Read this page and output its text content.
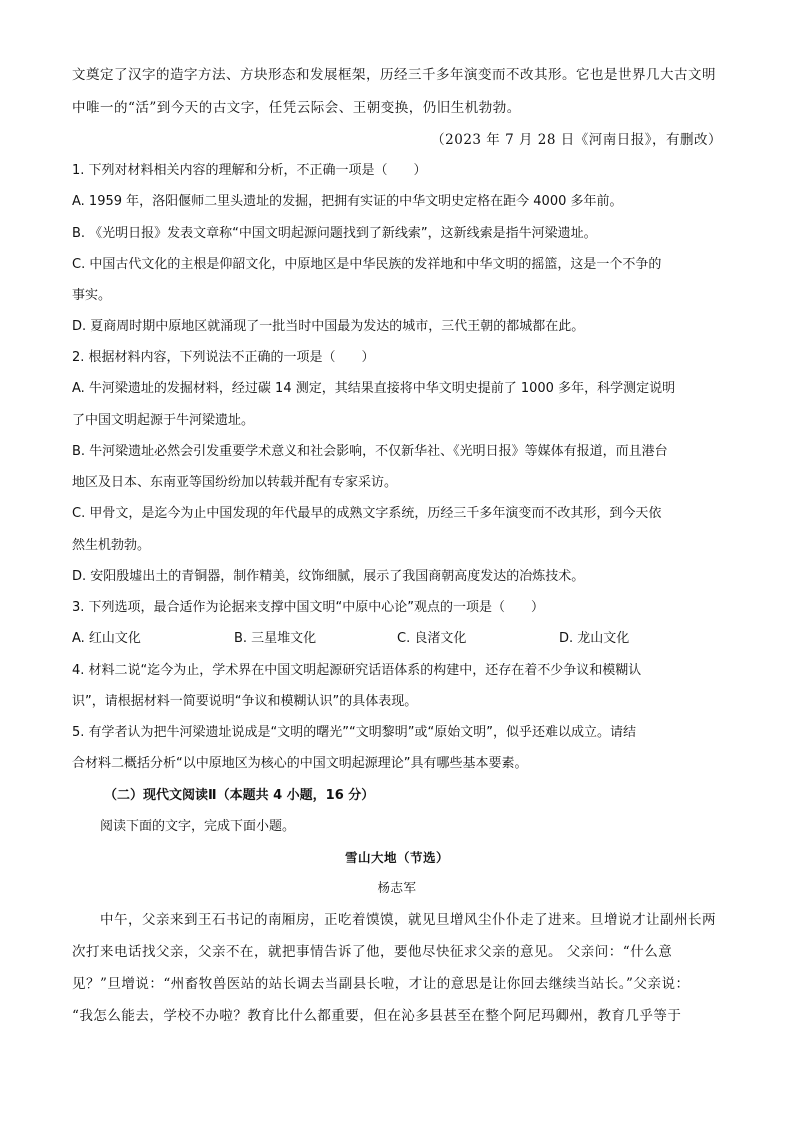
文奠定了汉字的造字方法、方块形态和发展框架，历经三千多年演变而不改其形。它也是世界几大古文明
中唯一的“活”到今天的古文字，任凭云际会、王朝变换，仍旧生机勃勃。
（2023 年 7 月 28 日《河南日报》，有删改）
1. 下列对材料相关内容的理解和分析，不正确一项是（　　）
A. 1959 年，洛阳偃师二里头遗址的发掘，把拥有实证的中华文明史定格在距今 4000 多年前。
B. 《光明日报》发表文章称“中国文明起源问题找到了新线索”，这新线索是指牛河梁遗址。
C. 中国古代文化的主根是仰韶文化，中原地区是中华民族的发祥地和中华文明的摇篮，这是一个不争的
事实。
D. 夏商周时期中原地区就涌现了一批当时中国最为发达的城市，三代王朝的都城都在此。
2. 根据材料内容，下列说法不正确的一项是（　　）
A. 牛河梁遗址的发掘材料，经过碳 14 测定，其结果直接将中华文明史提前了 1000 多年，科学测定说明
了中国文明起源于牛河梁遗址。
B. 牛河梁遗址必然会引发重要学术意义和社会影响，不仅新华社、《光明日报》等媒体有报道，而且港台
地区及日本、东南亚等国纷纷加以转载并配有专家采访。
C. 甲骨文，是迄今为止中国发现的年代最早的成熟文字系统，历经三千多年演变而不改其形，到今天依
然生机勃勃。
D. 安阳殷墟出土的青铜器，制作精美，纹饰细腻，展示了我国商朝高度发达的冶炼技术。
3. 下列选项，最合适作为论据来支撑中国文明“中原中心论”观点的一项是（　　）
A. 红山文化	B. 三星堆文化	C. 良渚文化	D. 龙山文化
4. 材料二说“迄今为止，学术界在中国文明起源研究话语体系的构建中，还存在着不少争议和模糊认
识”，请根据材料一简要说明“争议和模糊认识”的具体表现。
5. 有学者认为把牛河梁遗址说成是“文明的曙光”“文明黎明”或“原始文明”，似乎还难以成立。请结
合材料二概括分析“以中原地区为核心的中国文明起源理论”具有哪些基本要素。
（二）现代文阅读Ⅱ（本题共 4 小题，16 分）
阅读下面的文字，完成下面小题。
雪山大地（节选）
杨志军
中午，父亲来到王石书记的南厢房，正吃着馍馍，就见旦增风尘仆仆走了进来。旦增说才让副州长两
次打来电话找父亲，父亲不在，就把事情告诉了他，要他尽快征求父亲的意见。 父亲问：“什么意
见？”旦增说：“州畜牧兽医站的站长调去当副县长啦，才让的意思是让你回去继续当站长。”父亲说：
“我怎么能去，学校不办啦？教育比什么都重要，但在沁多县甚至在整个阿尼玛卿州，教育几乎等于
